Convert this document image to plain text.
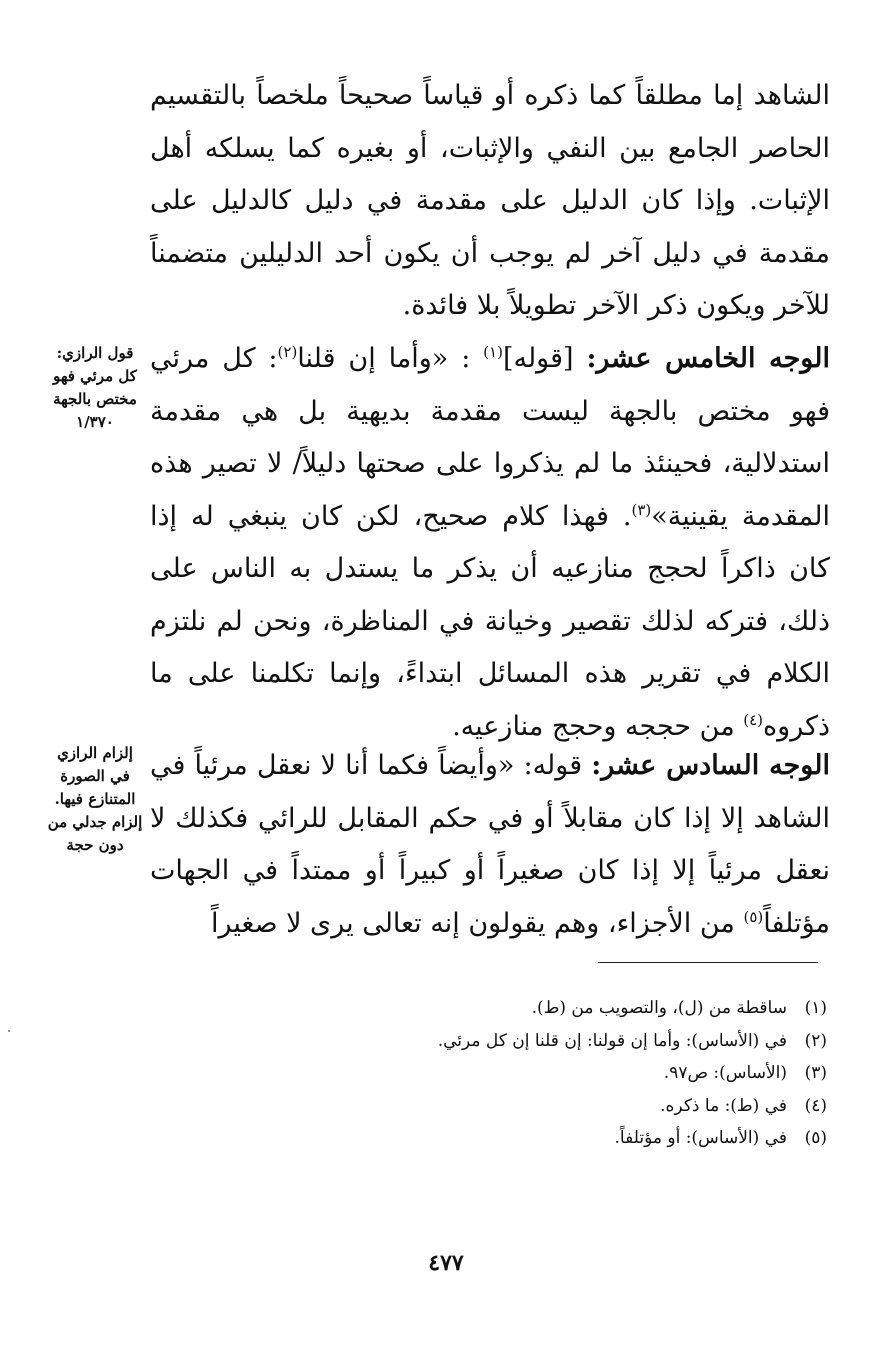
الشاهد إما مطلقاً كما ذكره أو قياساً صحيحاً ملخصاً بالتقسيم الحاصر الجامع بين النفي والإثبات، أو بغيره كما يسلكه أهل الإثبات. وإذا كان الدليل على مقدمة في دليل كالدليل على مقدمة في دليل آخر لم يوجب أن يكون أحد الدليلين متضمناً للآخر ويكون ذكر الآخر تطويلاً بلا فائدة.

الوجه الخامس عشر: [قوله]$^{(١)}$ : «وأما إن قلنا$^{(٢)}$: كل مرئي فهو مختص بالجهة ليست مقدمة بديهية بل هي مقدمة استدلالية، فحينئذ ما لم يذكروا على صحتها دليلاً/ لا تصير هذه المقدمة يقينية»$^{(٣)}$. فهذا كلام صحيح، لكن كان ينبغي له إذا كان ذاكراً لحجج منازعيه أن يذكر ما يستدل به الناس على ذلك، فتركه لذلك تقصير وخيانة في المناظرة، ونحن لم نلتزم الكلام في تقرير هذه المسائل ابتداءً، وإنما تكلمنا على ما ذكروه$^{(٤)}$ من حججه وحجج منازعيه.

الوجه السادس عشر: قوله: «وأيضاً فكما أنا لا نعقل مرئياً في الشاهد إلا إذا كان مقابلاً أو في حكم المقابل للرائي فكذلك لا نعقل مرئياً إلا إذا كان صغيراً أو كبيراً أو ممتداً في الجهات مؤتلفاً$^{(٥)}$ من الأجزاء، وهم يقولون إنه تعالى يرى لا صغيراً

قول الرازي: كل مرئي فهو مختص بالجهة ١/٣٧٠
إلزام الرازي في الصورة المتنازع فيها. إلزام جدلي من دون حجة
(١)
ساقطة من (ل)، والتصويب من (ط).
(٢)
في (الأساس): وأما إن قولنا: إن قلنا إن كل مرئي.
(٣)
(الأساس): ص٩٧.
(٤)
في (ط): ما ذكره.
(٥)
في (الأساس): أو مؤتلفاً.
٤٧٧
